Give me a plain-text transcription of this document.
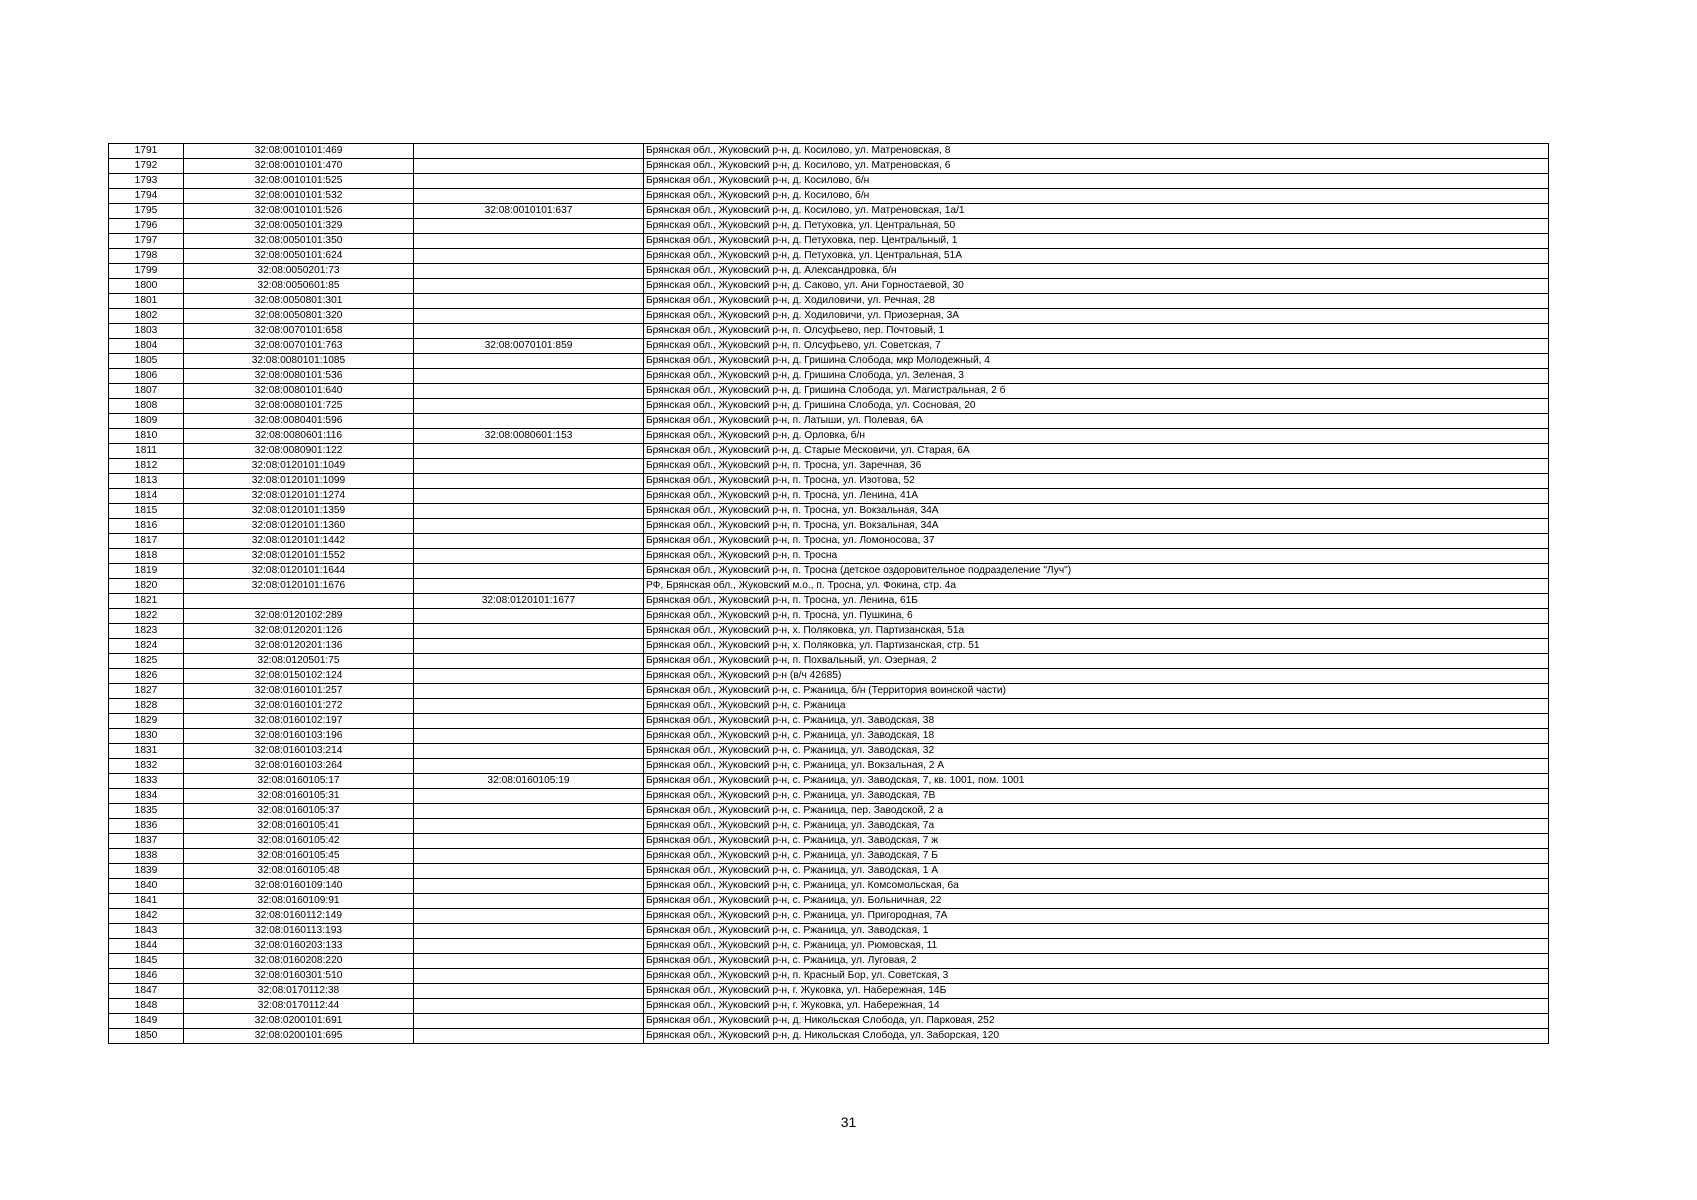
1791	32:08:0010101:469		Брянская обл., Жуковский р-н, д. Косилово, ул. Матреновская, 8
1792	32:08:0010101:470		Брянская обл., Жуковский р-н, д. Косилово, ул. Матреновская, 6
1793	32:08:0010101:525		Брянская обл., Жуковский р-н, д. Косилово, б/н
1794	32:08:0010101:532		Брянская обл., Жуковский р-н, д. Косилово, б/н
1795	32:08:0010101:526	32:08:0010101:637	Брянская обл., Жуковский р-н, д. Косилово, ул. Матреновская, 1а/1
1796	32:08:0050101:329		Брянская обл., Жуковский р-н, д. Петуховка, ул. Центральная, 50
1797	32:08:0050101:350		Брянская обл., Жуковский р-н, д. Петуховка, пер. Центральный, 1
1798	32:08:0050101:624		Брянская обл., Жуковский р-н, д. Петуховка, ул. Центральная, 51А
1799	32:08:0050201:73		Брянская обл., Жуковский р-н, д. Александровка, б/н
1800	32:08:0050601:85		Брянская обл., Жуковский р-н, д. Саково, ул. Ани Горностаевой, 30
1801	32:08:0050801:301		Брянская обл., Жуковский р-н, д. Ходиловичи, ул. Речная, 28
1802	32:08:0050801:320		Брянская обл., Жуковский р-н, д. Ходиловичи, ул. Приозерная, 3А
1803	32:08:0070101:658		Брянская обл., Жуковский р-н, п. Олсуфьево, пер. Почтовый, 1
1804	32:08:0070101:763	32:08:0070101:859	Брянская обл., Жуковский р-н, п. Олсуфьево, ул. Советская, 7
1805	32:08:0080101:1085		Брянская обл., Жуковский р-н, д. Гришина Слобода, мкр Молодежный, 4
1806	32:08:0080101:536		Брянская обл., Жуковский р-н, д. Гришина Слобода, ул. Зеленая, 3
1807	32:08:0080101:640		Брянская обл., Жуковский р-н, д. Гришина Слобода, ул. Магистральная, 2 б
1808	32:08:0080101:725		Брянская обл., Жуковский р-н, д. Гришина Слобода, ул. Сосновая, 20
1809	32:08:0080401:596		Брянская обл., Жуковский р-н, п. Латыши, ул. Полевая, 6А
1810	32:08:0080601:116	32:08:0080601:153	Брянская обл., Жуковский р-н, д. Орловка, б/н
1811	32:08:0080901:122		Брянская обл., Жуковский р-н, д. Старые Месковичи, ул. Старая, 6А
1812	32:08:0120101:1049		Брянская обл., Жуковский р-н, п. Тросна, ул. Заречная, 36
1813	32:08:0120101:1099		Брянская обл., Жуковский р-н, п. Тросна, ул. Изотова, 52
1814	32:08:0120101:1274		Брянская обл., Жуковский р-н, п. Тросна, ул. Ленина, 41А
1815	32:08:0120101:1359		Брянская обл., Жуковский р-н, п. Тросна, ул. Вокзальная, 34А
1816	32:08:0120101:1360		Брянская обл., Жуковский р-н, п. Тросна, ул. Вокзальная, 34А
1817	32:08:0120101:1442		Брянская обл., Жуковский р-н, п. Тросна, ул. Ломоносова, 37
1818	32:08:0120101:1552		Брянская обл., Жуковский р-н, п. Тросна
1819	32:08:0120101:1644		Брянская обл., Жуковский р-н, п. Тросна (детское оздоровительное подразделение "Луч")
1820	32:08:0120101:1676		РФ, Брянская обл., Жуковский м.о., п. Тросна, ул. Фокина, стр. 4а
1821		32:08:0120101:1677	Брянская обл., Жуковский р-н, п. Тросна, ул. Ленина, 61Б
1822	32:08:0120102:289		Брянская обл., Жуковский р-н, п. Тросна, ул. Пушкина, 6
1823	32:08:0120201:126		Брянская обл., Жуковский р-н, х. Поляковка, ул. Партизанская, 51а
1824	32:08:0120201:136		Брянская обл., Жуковский р-н, х. Поляковка, ул. Партизанская, стр. 51
1825	32:08:0120501:75		Брянская обл., Жуковский р-н, п. Похвальный, ул. Озерная, 2
1826	32:08:0150102:124		Брянская обл., Жуковский р-н (в/ч 42685)
1827	32:08:0160101:257		Брянская обл., Жуковский р-н, с. Ржаница, б/н (Территория воинской части)
1828	32:08:0160101:272		Брянская обл., Жуковский р-н, с. Ржаница
1829	32:08:0160102:197		Брянская обл., Жуковский р-н, с. Ржаница, ул. Заводская, 38
1830	32:08:0160103:196		Брянская обл., Жуковский р-н, с. Ржаница, ул. Заводская, 18
1831	32:08:0160103:214		Брянская обл., Жуковский р-н, с. Ржаница, ул. Заводская, 32
1832	32:08:0160103:264		Брянская обл., Жуковский р-н, с. Ржаница, ул. Вокзальная, 2 А
1833	32:08:0160105:17	32:08:0160105:19	Брянская обл., Жуковский р-н, с. Ржаница, ул. Заводская, 7, кв. 1001, пом. 1001
1834	32:08:0160105:31		Брянская обл., Жуковский р-н, с. Ржаница, ул. Заводская, 7В
1835	32:08:0160105:37		Брянская обл., Жуковский р-н, с. Ржаница, пер. Заводской, 2 а
1836	32:08:0160105:41		Брянская обл., Жуковский р-н, с. Ржаница, ул. Заводская, 7а
1837	32:08:0160105:42		Брянская обл., Жуковский р-н, с. Ржаница, ул. Заводская, 7 ж
1838	32:08:0160105:45		Брянская обл., Жуковский р-н, с. Ржаница, ул. Заводская, 7 Б
1839	32:08:0160105:48		Брянская обл., Жуковский р-н, с. Ржаница, ул. Заводская, 1 А
1840	32:08:0160109:140		Брянская обл., Жуковский р-н, с. Ржаница, ул. Комсомольская, 6а
1841	32:08:0160109:91		Брянская обл., Жуковский р-н, с. Ржаница, ул. Больничная, 22
1842	32:08:0160112:149		Брянская обл., Жуковский р-н, с. Ржаница, ул. Пригородная, 7А
1843	32:08:0160113:193		Брянская обл., Жуковский р-н, с. Ржаница, ул. Заводская, 1
1844	32:08:0160203:133		Брянская обл., Жуковский р-н, с. Ржаница, ул. Рюмовская, 11
1845	32:08:0160208:220		Брянская обл., Жуковский р-н, с. Ржаница, ул. Луговая, 2
1846	32:08:0160301:510		Брянская обл., Жуковский р-н, п. Красный Бор, ул. Советская, 3
1847	32:08:0170112:38		Брянская обл., Жуковский р-н, г. Жуковка, ул. Набережная, 14Б
1848	32:08:0170112:44		Брянская обл., Жуковский р-н, г. Жуковка, ул. Набережная, 14
1849	32:08:0200101:691		Брянская обл., Жуковский р-н, д. Никольская Слобода, ул. Парковая, 252
1850	32:08:0200101:695		Брянская обл., Жуковский р-н, д. Никольская Слобода, ул. Заборская, 120
31
